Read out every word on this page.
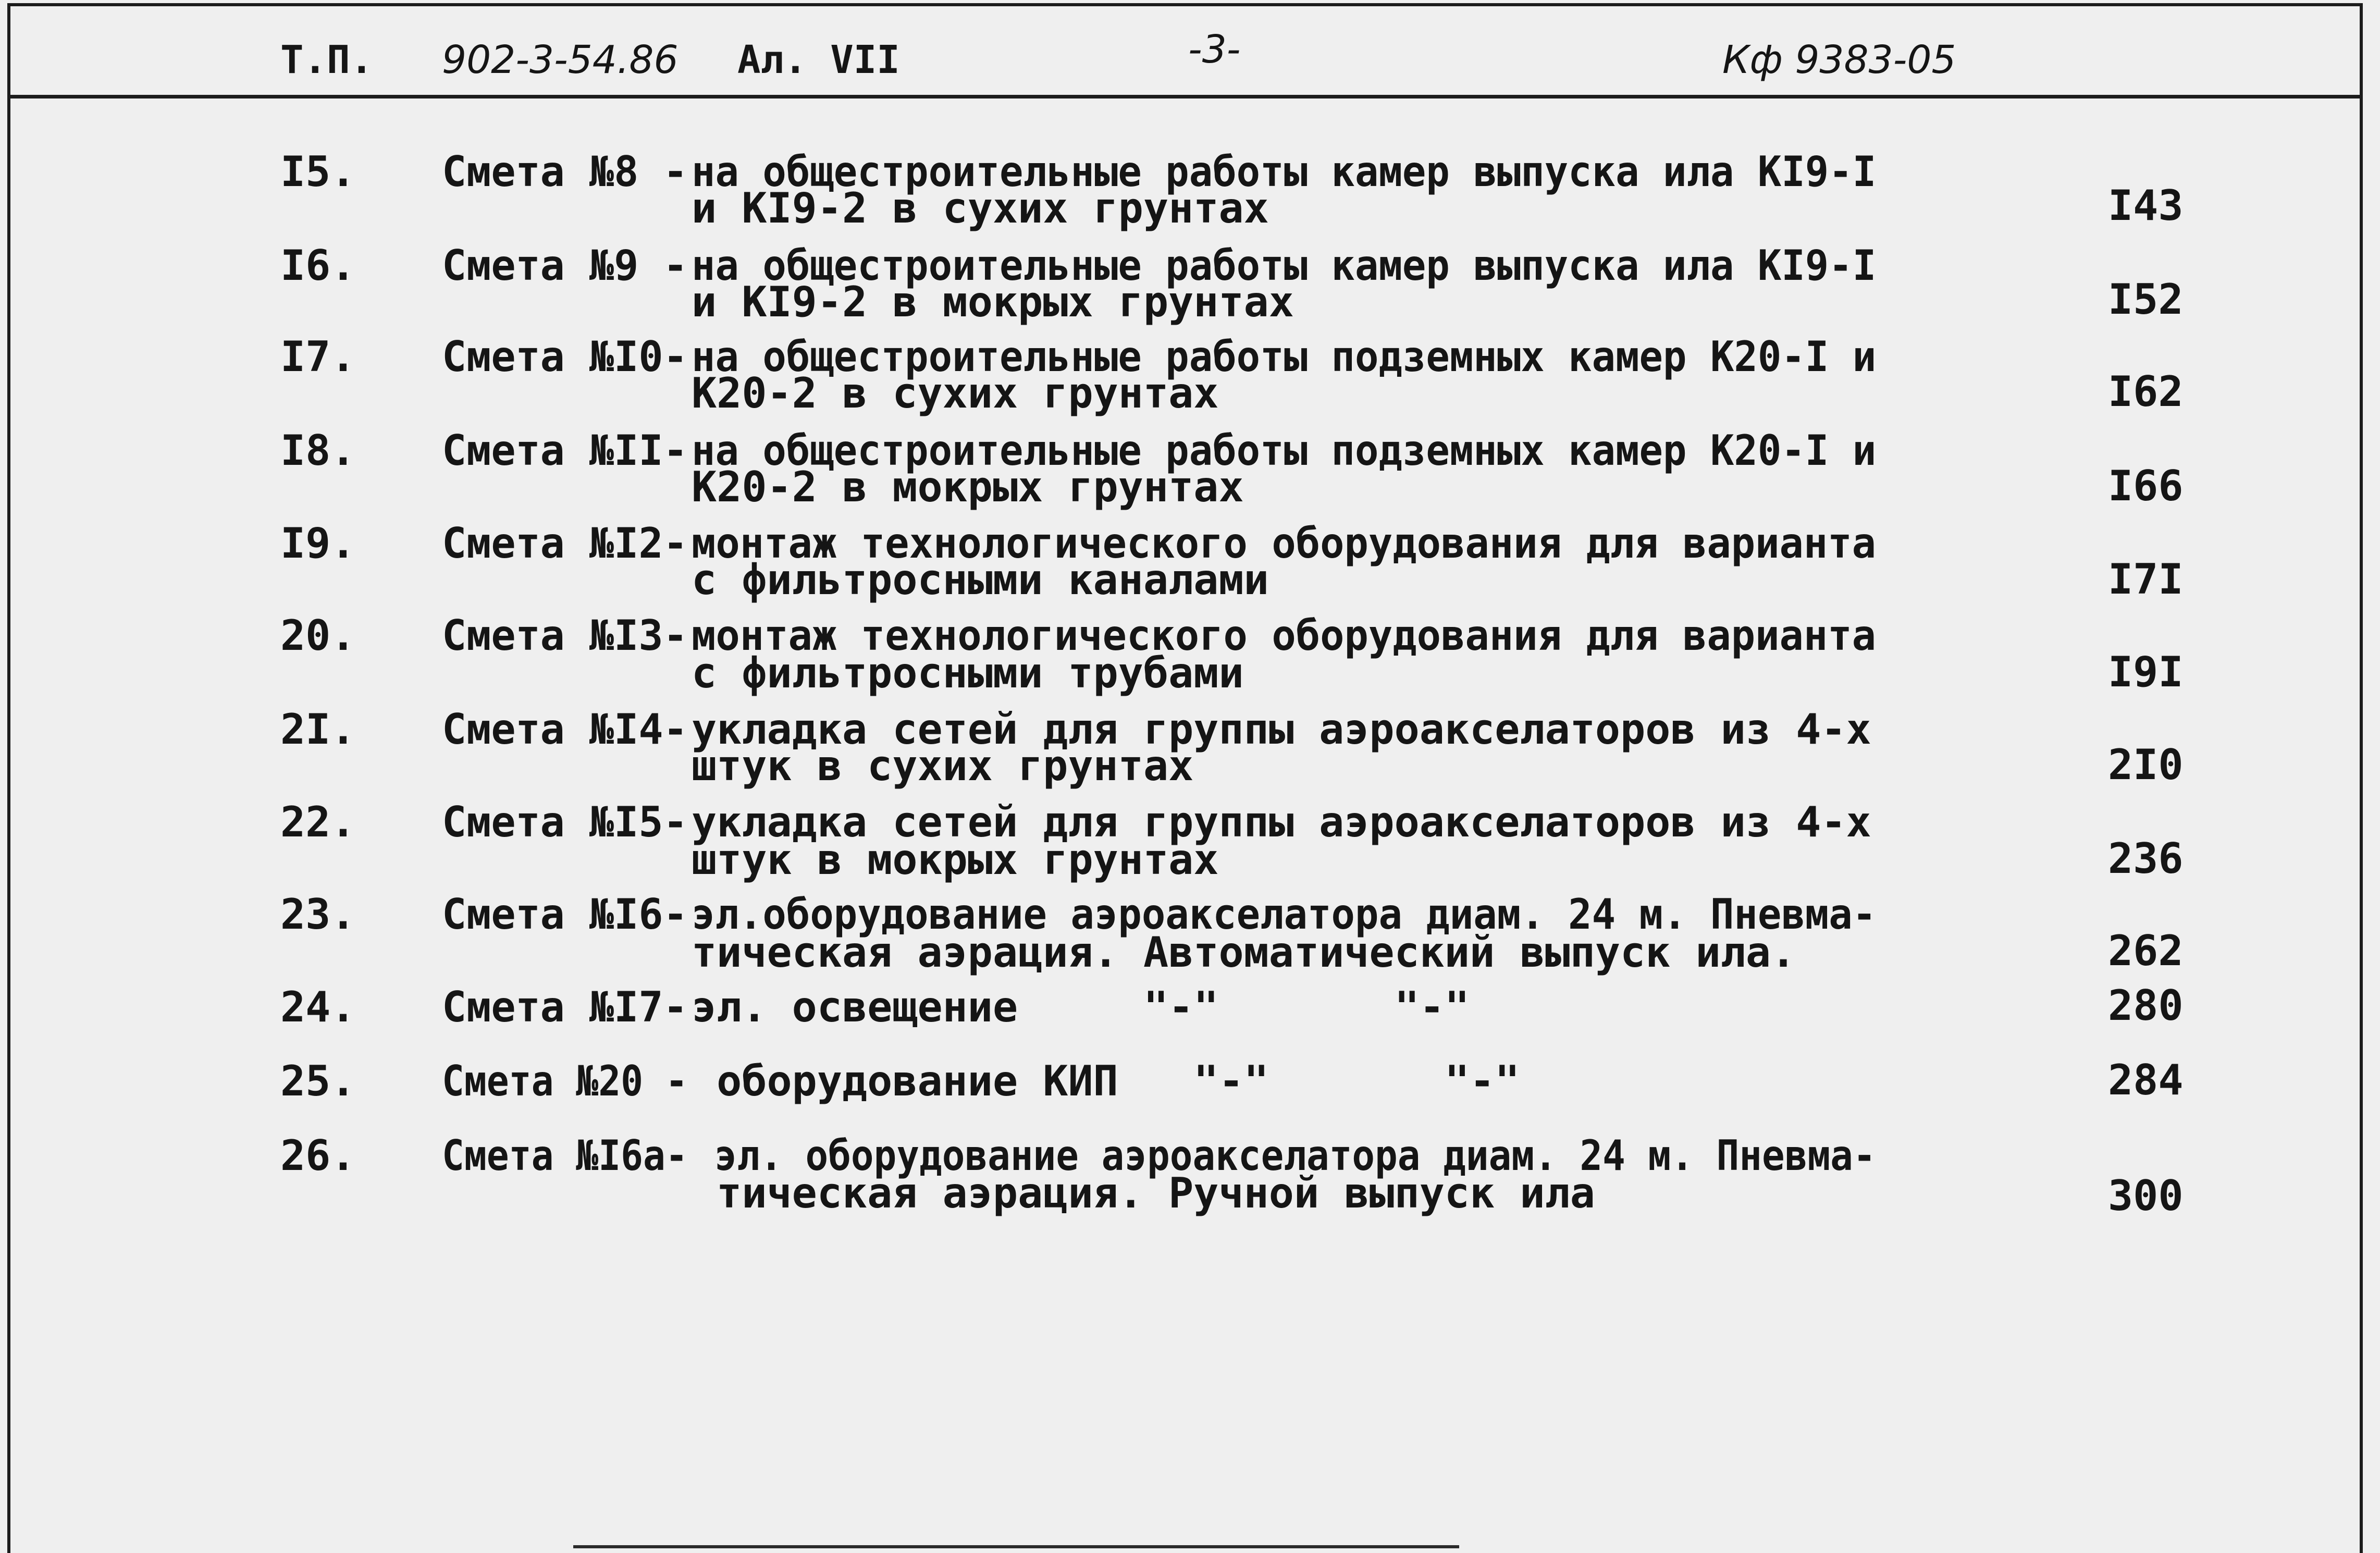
Т.П. 902-3-54.86 Ал. VII	-3-	Кф 9383-05
I5. Смета №8 - на общестроительные работы камер выпуска ила КI9-I
и КI9-2 в сухих грунтах	I43
I6. Смета №9 - на общестроительные работы камер выпуска ила КI9-I
и КI9-2 в мокрых грунтах	I52
I7. Смета №I0- на общестроительные работы подземных камер К20-I и
К20-2 в сухих грунтах	I62
I8. Смета №II- на общестроительные работы подземных камер К20-I и
К20-2 в мокрых грунтах	I66
I9. Смета №I2- монтаж технологического оборудования для варианта
с фильтросными каналами	I7I
20. Смета №I3- монтаж технологического оборудования для варианта
с фильтросными трубами	I9I
2I. Смета №I4- укладка сетей для группы аэроакселаторов из 4-х
штук в сухих грунтах	2I0
22. Смета №I5- укладка сетей для группы аэроакселаторов из 4-х
штук в мокрых грунтах	236
23. Смета №I6- эл.оборудование аэроакселатора диам. 24 м. Пневма-
тическая аэрация. Автоматический выпуск ила.	262
24. Смета №I7- эл. освещение     "-"       "-"	280
25. Смета №20 - оборудование КИП   "-"       "-"	284
26. Смета №I6а- эл. оборудование аэроакселатора диам. 24 м. Пневма-
тическая аэрация. Ручной выпуск ила	300
